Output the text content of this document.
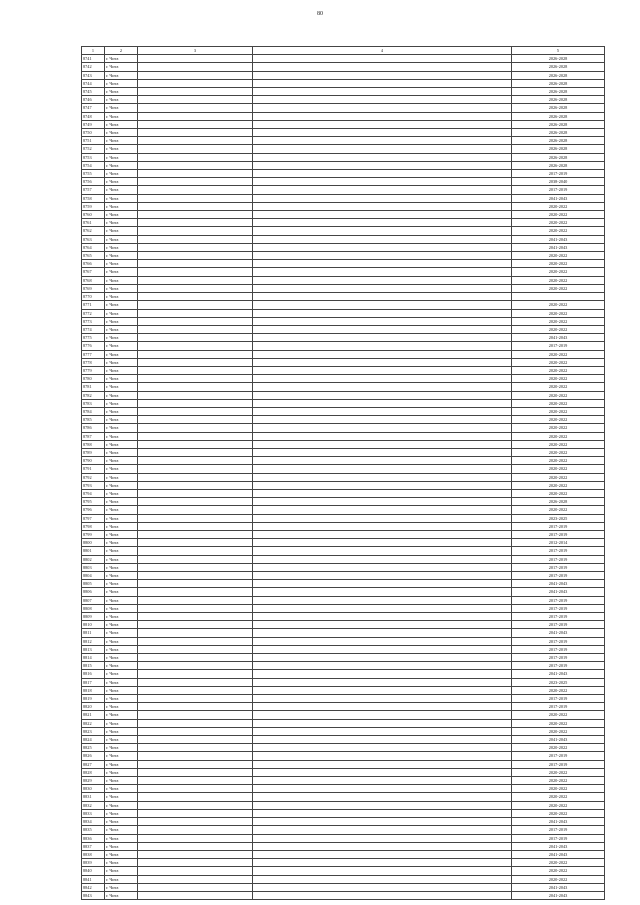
80
1	2	3	4	5
8741	г. Чита			2026-2028
8742	г. Чита			2026-2028
8743	г. Чита			2026-2028
8744	г. Чита			2026-2028
8745	г. Чита			2026-2028
8746	г. Чита			2026-2028
8747	г. Чита			2026-2028
8748	г. Чита			2026-2028
8749	г. Чита			2026-2028
8750	г. Чита			2026-2028
8751	г. Чита			2026-2028
8752	г. Чита			2026-2028
8753	г. Чита			2026-2028
8754	г. Чита			2026-2028
8755	г. Чита			2017-2019
8756	г. Чита			2038-2040
8757	г. Чита			2017-2019
8758	г. Чита			2041-2043
8759	г. Чита			2020-2022
8760	г. Чита			2020-2022
8761	г. Чита			2020-2022
8762	г. Чита			2020-2022
8763	г. Чита			2041-2043
8764	г. Чита			2041-2043
8765	г. Чита			2020-2022
8766	г. Чита			2020-2022
8767	г. Чита			2020-2022
8768	г. Чита			2020-2022
8769	г. Чита			2020-2022
8770	г. Чита			
8771	г. Чита			2020-2022
8772	г. Чита			2020-2022
8773	г. Чита			2020-2022
8774	г. Чита			2020-2022
8775	г. Чита			2041-2043
8776	г. Чита			2017-2019
8777	г. Чита			2020-2022
8778	г. Чита			2020-2022
8779	г. Чита			2020-2022
8780	г. Чита			2020-2022
8781	г. Чита			2020-2022
8782	г. Чита			2020-2022
8783	г. Чита			2020-2022
8784	г. Чита			2020-2022
8785	г. Чита			2020-2022
8786	г. Чита			2020-2022
8787	г. Чита			2020-2022
8788	г. Чита			2020-2022
8789	г. Чита			2020-2022
8790	г. Чита			2020-2022
8791	г. Чита			2020-2022
8792	г. Чита			2020-2022
8793	г. Чита			2020-2022
8794	г. Чита			2020-2022
8795	г. Чита			2026-2028
8796	г. Чита			2020-2022
8797	г. Чита			2023-2025
8798	г. Чита			2017-2019
8799	г. Чита			2017-2019
8800	г. Чита			2012-2014
8801	г. Чита			2017-2019
8802	г. Чита			2017-2019
8803	г. Чита			2017-2019
8804	г. Чита			2017-2019
8805	г. Чита			2041-2043
8806	г. Чита			2041-2043
8807	г. Чита			2017-2019
8808	г. Чита			2017-2019
8809	г. Чита			2017-2019
8810	г. Чита			2017-2019
8811	г. Чита			2041-2043
8812	г. Чита			2017-2019
8813	г. Чита			2017-2019
8814	г. Чита			2017-2019
8815	г. Чита			2017-2019
8816	г. Чита			2041-2043
8817	г. Чита			2023-2025
8818	г. Чита			2020-2022
8819	г. Чита			2017-2019
8820	г. Чита			2017-2019
8821	г. Чита			2020-2022
8822	г. Чита			2020-2022
8823	г. Чита			2020-2022
8824	г. Чита			2041-2043
8825	г. Чита			2020-2022
8826	г. Чита			2017-2019
8827	г. Чита			2017-2019
8828	г. Чита			2020-2022
8829	г. Чита			2020-2022
8830	г. Чита			2020-2022
8831	г. Чита			2020-2022
8832	г. Чита			2020-2022
8833	г. Чита			2020-2022
8834	г. Чита			2041-2043
8835	г. Чита			2017-2019
8836	г. Чита			2017-2019
8837	г. Чита			2041-2043
8838	г. Чита			2041-2043
8839	г. Чита			2020-2022
8840	г. Чита			2020-2022
8841	г. Чита			2020-2022
8842	г. Чита			2041-2043
8843	г. Чита			2041-2043
